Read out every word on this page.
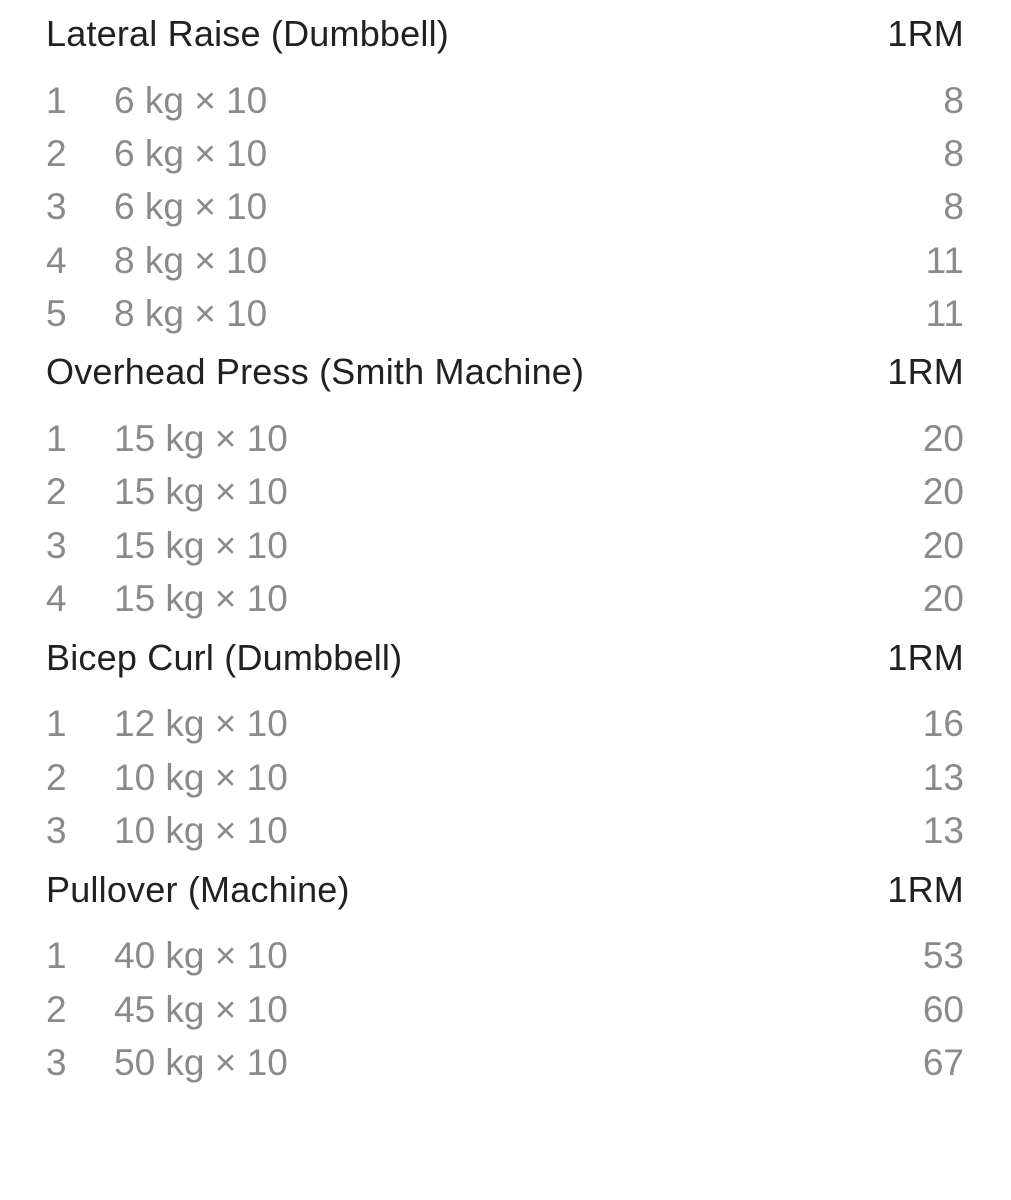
Lateral Raise (Dumbbell)	1RM
1	6 kg × 10	8
2	6 kg × 10	8
3	6 kg × 10	8
4	8 kg × 10	11
5	8 kg × 10	11
Overhead Press (Smith Machine)	1RM
1	15 kg × 10	20
2	15 kg × 10	20
3	15 kg × 10	20
4	15 kg × 10	20
Bicep Curl (Dumbbell)	1RM
1	12 kg × 10	16
2	10 kg × 10	13
3	10 kg × 10	13
Pullover (Machine)	1RM
1	40 kg × 10	53
2	45 kg × 10	60
3	50 kg × 10	67
